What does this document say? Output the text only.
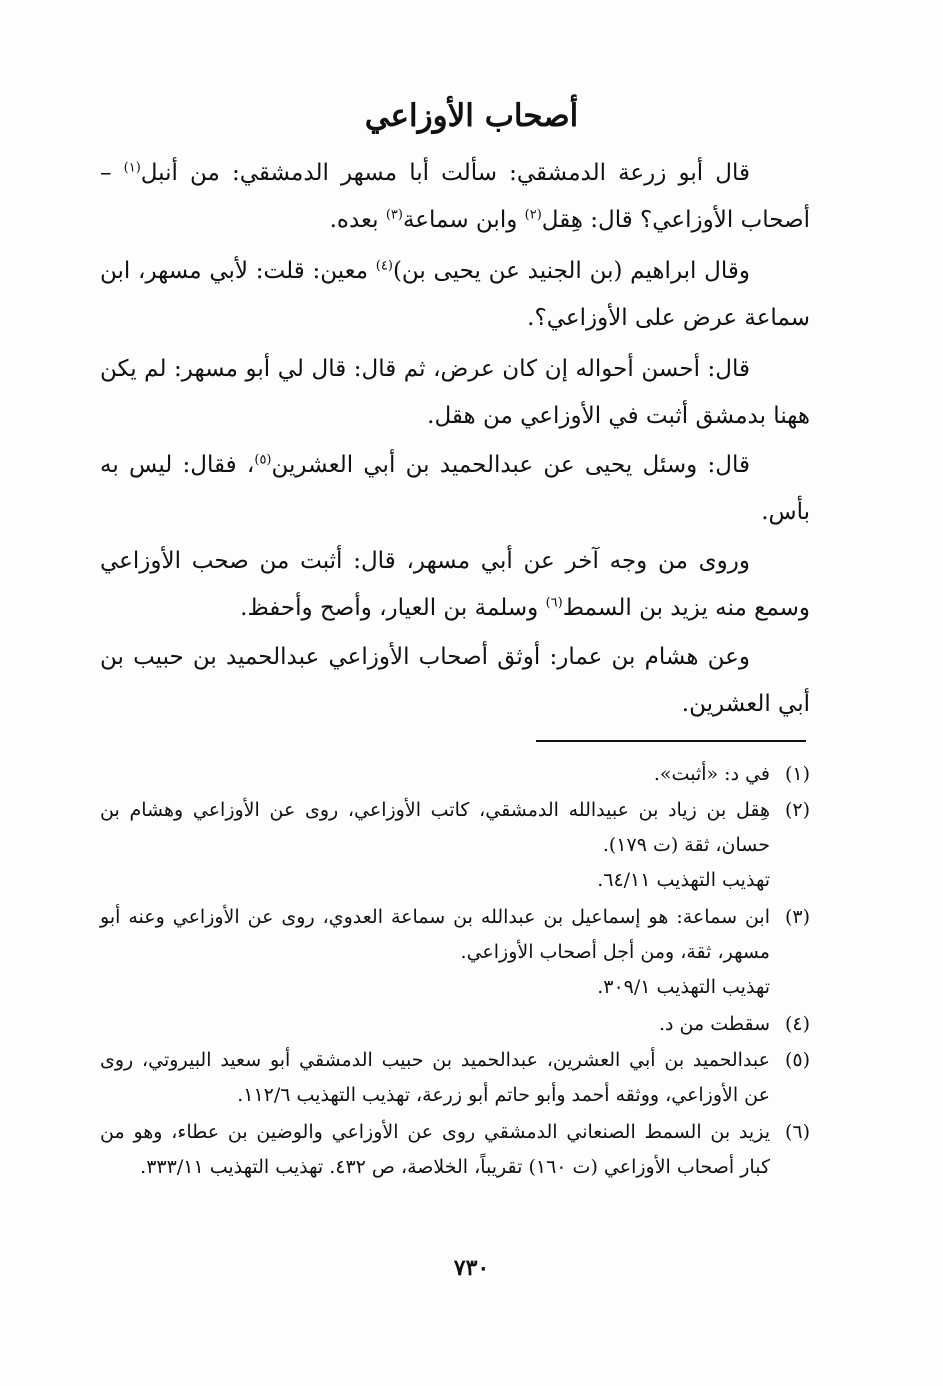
أصحاب الأوزاعي
قال أبو زرعة الدمشقي: سألت أبا مسهر الدمشقي: من أنبل$^{(١)}$ – أصحاب الأوزاعي؟ قال: هِقل$^{(٢)}$ وابن سماعة$^{(٣)}$ بعده.
وقال ابراهيم (بن الجنيد عن يحيى بن)$^{(٤)}$ معين: قلت: لأبي مسهر، ابن سماعة عرض على الأوزاعي؟.
قال: أحسن أحواله إن كان عرض، ثم قال: قال لي أبو مسهر: لم يكن ههنا بدمشق أثبت في الأوزاعي من هقل.
قال: وسئل يحيى عن عبدالحميد بن أبي العشرين$^{(٥)}$، فقال: ليس به بأس.
وروى من وجه آخر عن أبي مسهر، قال: أثبت من صحب الأوزاعي وسمع منه يزيد بن السمط$^{(٦)}$ وسلمة بن العيار، وأصح وأحفظ.
وعن هشام بن عمار: أوثق أصحاب الأوزاعي عبدالحميد بن حبيب بن أبي العشرين.
(١)
في د: «أثبت».
(٢)
هِقل بن زياد بن عبيدالله الدمشقي، كاتب الأوزاعي، روى عن الأوزاعي وهشام بن حسان، ثقة (ت ١٧٩).
تهذيب التهذيب ٦٤/١١.
(٣)
ابن سماعة: هو إسماعيل بن عبدالله بن سماعة العدوي، روى عن الأوزاعي وعنه أبو مسهر، ثقة، ومن أجل أصحاب الأوزاعي.
تهذيب التهذيب ٣٠٩/١.
(٤)
سقطت من د.
(٥)
عبدالحميد بن أبي العشرين، عبدالحميد بن حبيب الدمشقي أبو سعيد البيروتي، روى عن الأوزاعي، ووثقه أحمد وأبو حاتم أبو زرعة، تهذيب التهذيب ١١٢/٦.
(٦)
يزيد بن السمط الصنعاني الدمشقي روى عن الأوزاعي والوضين بن عطاء، وهو من كبار أصحاب الأوزاعي (ت ١٦٠) تقريباً، الخلاصة، ص ٤٣٢. تهذيب التهذيب ٣٣٣/١١.
٧٣٠
